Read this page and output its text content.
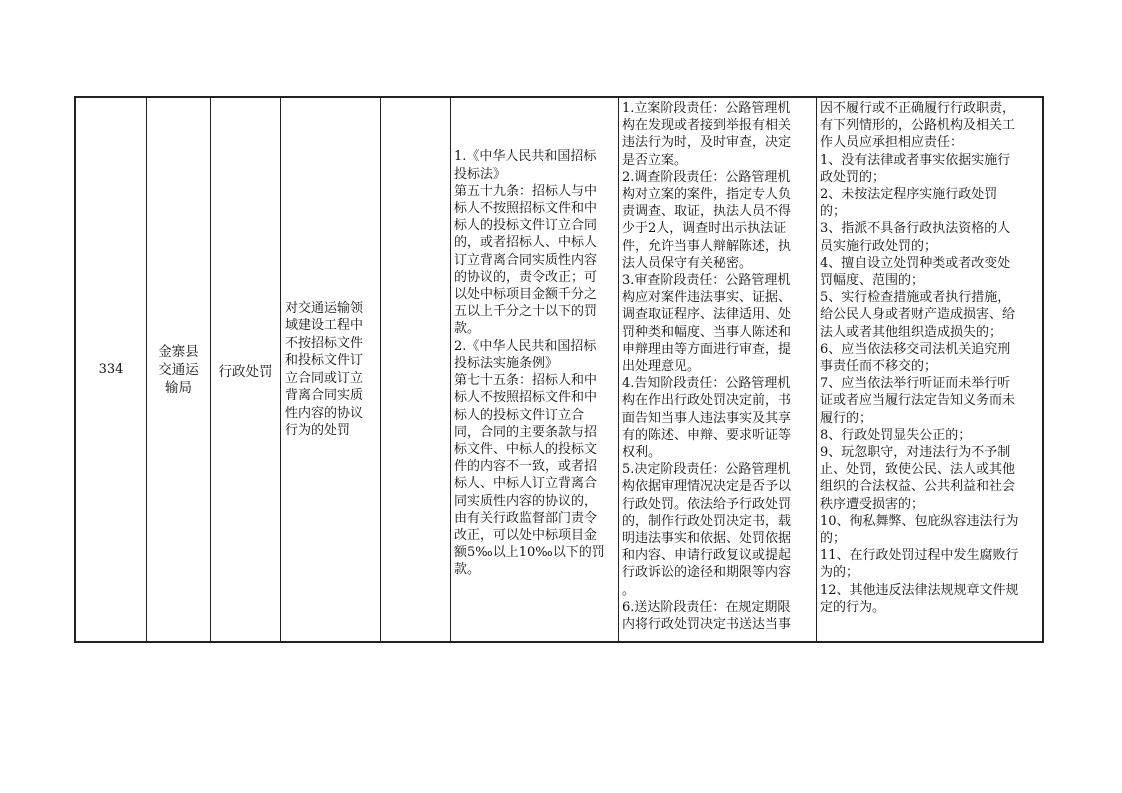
334
金寨县
交通运
输局
行政处罚
对交通运输领
域建设工程中
不按招标文件
和投标文件订
立合同或订立
背离合同实质
性内容的协议
行为的处罚
1.《中华人民共和国招标
投标法》
第五十九条：招标人与中
标人不按照招标文件和中
标人的投标文件订立合同
的，或者招标人、中标人
订立背离合同实质性内容
的协议的，责令改正；可
以处中标项目金额千分之
五以上千分之十以下的罚
款。
2.《中华人民共和国招标
投标法实施条例》
第七十五条：招标人和中
标人不按照招标文件和中
标人的投标文件订立合
同，合同的主要条款与招
标文件、中标人的投标文
件的内容不一致，或者招
标人、中标人订立背离合
同实质性内容的协议的，
由有关行政监督部门责令
改正，可以处中标项目金
额5‰以上10‰以下的罚
款。
1.立案阶段责任：公路管理机
构在发现或者接到举报有相关
违法行为时，及时审查，决定
是否立案。
2.调查阶段责任：公路管理机
构对立案的案件，指定专人负
责调查、取证，执法人员不得
少于2人，调查时出示执法证
件，允许当事人辩解陈述，执
法人员保守有关秘密。
3.审查阶段责任：公路管理机
构应对案件违法事实、证据、
调查取证程序、法律适用、处
罚种类和幅度、当事人陈述和
申辩理由等方面进行审查，提
出处理意见。
4.告知阶段责任：公路管理机
构在作出行政处罚决定前，书
面告知当事人违法事实及其享
有的陈述、申辩、要求听证等
权利。
5.决定阶段责任：公路管理机
构依据审理情况决定是否予以
行政处罚。依法给予行政处罚
的，制作行政处罚决定书，载
明违法事实和依据、处罚依据
和内容、申请行政复议或提起
行政诉讼的途径和期限等内容
。
6.送达阶段责任：在规定期限
内将行政处罚决定书送达当事
因不履行或不正确履行行政职责，
有下列情形的，公路机构及相关工
作人员应承担相应责任：
1、没有法律或者事实依据实施行
政处罚的；
2、未按法定程序实施行政处罚
的；
3、指派不具备行政执法资格的人
员实施行政处罚的；
4、擅自设立处罚种类或者改变处
罚幅度、范围的；
5、实行检查措施或者执行措施，
给公民人身或者财产造成损害、给
法人或者其他组织造成损失的；
6、应当依法移交司法机关追究刑
事责任而不移交的；
7、应当依法举行听证而未举行听
证或者应当履行法定告知义务而未
履行的；
8、行政处罚显失公正的；
9、玩忽职守，对违法行为不予制
止、处罚，致使公民、法人或其他
组织的合法权益、公共利益和社会
秩序遭受损害的；
10、徇私舞弊、包庇纵容违法行为
的；
11、在行政处罚过程中发生腐败行
为的；
12、其他违反法律法规规章文件规
定的行为。
